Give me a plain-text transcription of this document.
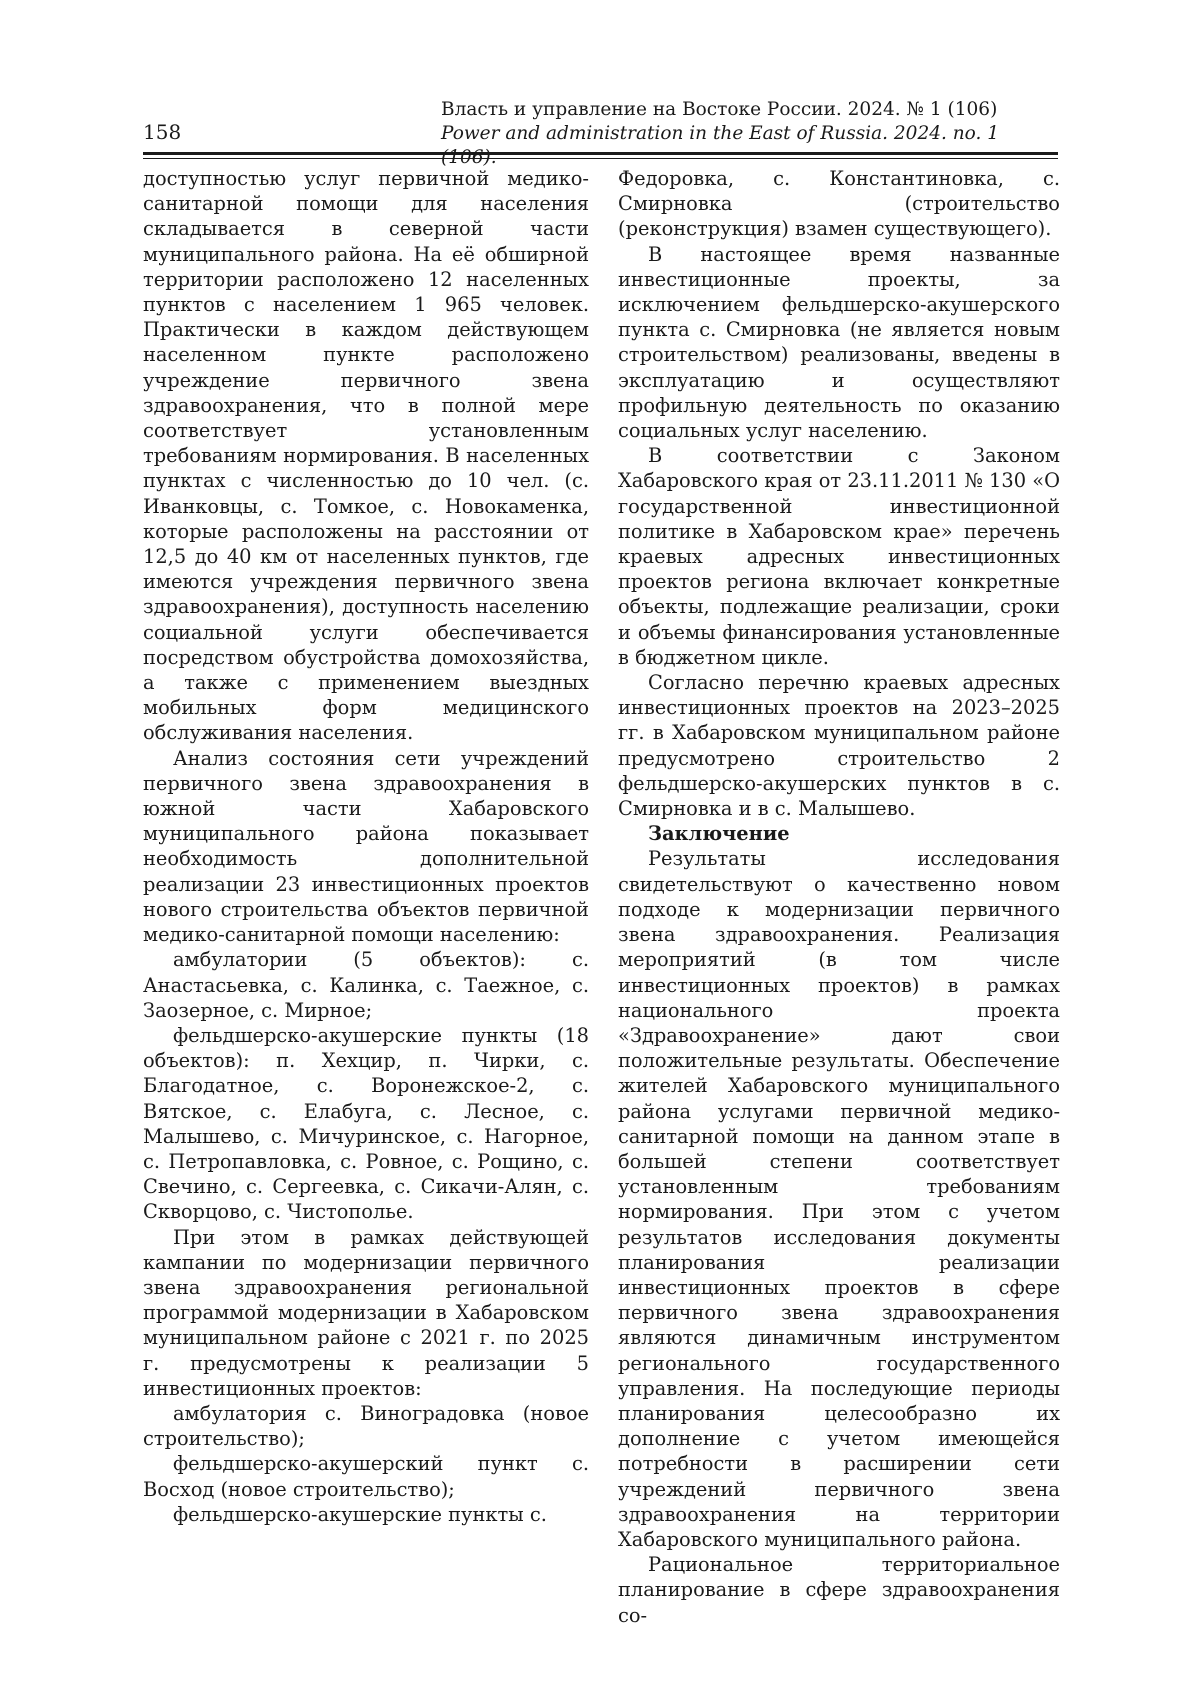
158
Власть и управление на Востоке России. 2024. № 1 (106)
Power and administration in the East of Russia. 2024. no. 1

доступностью услуг первичной медико-санитарной помощи для населения складывается в северной части муниципального района. На её обширной территории расположено 12 населенных пунктов с населением 1 965 человек. Практически в каждом действующем населенном пункте расположено учреждение первичного звена здравоохранения, что в полной мере соответствует установленным требованиям нормирования. В населенных пунктах с численностью до 10 чел. (с. Иванковцы, с. Томкое, с. Новокаменка, которые расположены на расстоянии от 12,5 до 40 км от населенных пунктов, где имеются учреждения первичного звена здравоохранения), доступность населению социальной услуги обеспечивается посредством обустройства домохозяйства, а также с применением выездных мобильных форм медицинского обслуживания населения.

Анализ состояния сети учреждений первичного звена здравоохранения в южной части Хабаровского муниципального района показывает необходимость дополнительной реализации 23 инвестиционных проектов нового строительства объектов первичной медико-санитарной помощи населению:

амбулатории (5 объектов): с. Анастасьевка, с. Калинка, с. Таежное, с. Заозерное, с. Мирное;

фельдшерско-акушерские пункты (18 объектов): п. Хехцир, п. Чирки, с. Благодатное, с. Воронежское-2, с. Вятское, с. Елабуга, с. Лесное, с. Малышево, с. Мичуринское, с. Нагорное, с. Петропавловка, с. Ровное, с. Рощино, с. Свечино, с. Сергеевка, с. Сикачи-Алян, с. Скворцово, с. Чистополье.

При этом в рамках действующей кампании по модернизации первичного звена здравоохранения региональной программой модернизации в Хабаровском муниципальном районе с 2021 г. по 2025 г. предусмотрены к реализации 5 инвестиционных проектов:

амбулатория с. Виноградовка (новое строительство);

фельдшерско-акушерский пункт с. Восход (новое строительство);

фельдшерско-акушерские пункты с.

Федоровка, с. Константиновка, с. Смирновка (строительство (реконструкция) взамен существующего).

В настоящее время названные инвестиционные проекты, за исключением фельдшерско-акушерского пункта с. Смирновка (не является новым строительством) реализованы, введены в эксплуатацию и осуществляют профильную деятельность по оказанию социальных услуг населению.

В соответствии с Законом Хабаровского края от 23.11.2011 № 130 «О государственной инвестиционной политике в Хабаровском крае» перечень краевых адресных инвестиционных проектов региона включает конкретные объекты, подлежащие реализации, сроки и объемы финансирования установленные в бюджетном цикле.

Согласно перечню краевых адресных инвестиционных проектов на 2023–2025 гг. в Хабаровском муниципальном районе предусмотрено строительство 2 фельдшерско-акушерских пунктов в с. Смирновка и в с. Малышево.

Заключение

Результаты исследования свидетельствуют о качественно новом подходе к модернизации первичного звена здравоохранения. Реализация мероприятий (в том числе инвестиционных проектов) в рамках национального проекта «Здравоохранение» дают свои положительные результаты. Обеспечение жителей Хабаровского муниципального района услугами первичной медико-санитарной помощи на данном этапе в большей степени соответствует установленным требованиям нормирования. При этом с учетом результатов исследования документы планирования реализации инвестиционных проектов в сфере первичного звена здравоохранения являются динамичным инструментом регионального государственного управления. На последующие периоды планирования целесообразно их дополнение с учетом имеющейся потребности в расширении сети учреждений первичного звена здравоохранения на территории Хабаровского муниципального района.

Рациональное территориальное планирование в сфере здравоохранения со-
